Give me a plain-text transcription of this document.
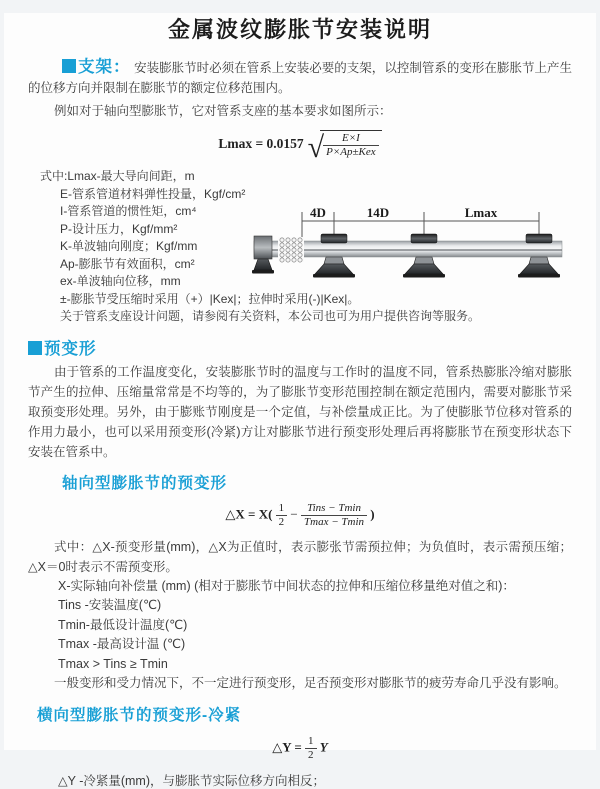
金属波纹膨胀节安装说明

支架： 安装膨胀节时必须在管系上安装必要的支架，以控制管系的变形在膨胀节上产生的位移方向并限制在膨胀节的额定位移范围内。

例如对于轴向型膨胀节，它对管系支座的基本要求如图所示：

Lmax = 0.0157 √ $\frac{E\times I}{\text{P×Ap±Kex}}$
式中:Lmax-最大导向间距，m
E-管系管道材料弹性投量，Kgf/cm²
I-管系管道的惯性矩，cm⁴
P-设计压力，Kgf/mm²
K-单波轴向刚度；Kgf/mm
Ap-膨胀节有效面积，cm²
ex-单波轴向位移，mm
±-膨胀节受压缩时采用（+）|Kex|；拉伸时采用(-)|Kex|。
关于管系支座设计问题，请参阅有关资料，本公司也可为用户提供咨询等服务。
4D	14D	Lmax
预变形

由于管系的工作温度变化，安装膨胀节时的温度与工作时的温度不同，管系热膨胀冷缩对膨胀节产生的拉伸、压缩量常常是不均等的，为了膨胀节变形范围控制在额定范围内，需要对膨胀节采取预变形处理。另外，由于膨账节刚度是一个定值，与补偿量成正比。为了使膨胀节位移对管系的作用力最小，也可以采用预变形(冷紧)方让对膨胀节进行预变形处理后再将膨胀节在预变形状态下安装在管系中。

轴向型膨胀节的预变形
△X = $X( \frac{1}{2} - \frac{\text{Tins − Tmin}}{Tmax - Tmin}$ )

式中：△X-预变形量(mm)，△X为正值时，表示膨张节需预拉伸；为负值时，表示需预压缩；△X＝0时表示不需预变形。

X-实际轴向补偿量 (mm) (相对于膨胀节中间状态的拉伸和压缩位移量绝对值之和)：
Tins -安装温度(℃)
Tmin-最低设计温度(℃)
Tmax -最高设计温 (℃)
Tmax > Tins ≥ Tmin

一般变形和受力情况下，不一定进行预变形，足否预变形对膨胀节的疲劳寿命几乎没有影响。

横向型膨胀节的预变形-冷紧
△Y = $\frac{1}{2}$ Y

△Y -冷紧量(mm)，与膨胀节实际位移方向相反；
